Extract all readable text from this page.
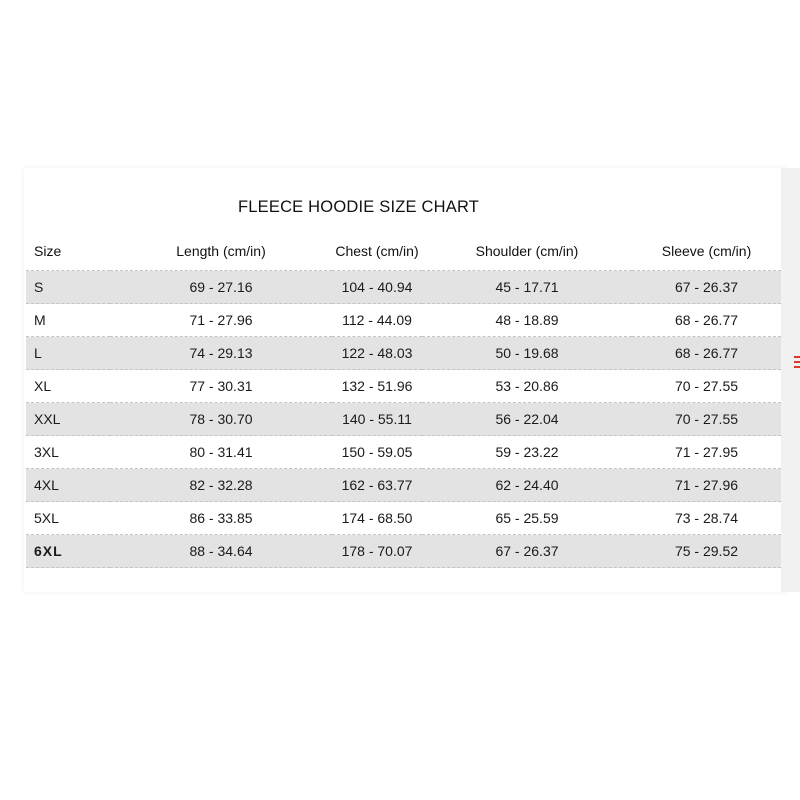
FLEECE HOODIE SIZE CHART
Size	Length (cm/in)	Chest (cm/in)	Shoulder (cm/in)	Sleeve (cm/in)
S	69 - 27.16	104 - 40.94	45 - 17.71	67 - 26.37
M	71 - 27.96	112 - 44.09	48 - 18.89	68 - 26.77
L	74 - 29.13	122 - 48.03	50 - 19.68	68 - 26.77
XL	77 - 30.31	132 - 51.96	53 - 20.86	70 - 27.55
XXL	78 - 30.70	140 - 55.11	56 - 22.04	70 - 27.55
3XL	80 - 31.41	150 - 59.05	59 - 23.22	71 - 27.95
4XL	82 - 32.28	162 - 63.77	62 - 24.40	71 - 27.96
5XL	86 - 33.85	174 - 68.50	65 - 25.59	73 - 28.74
6XL	88 - 34.64	178 - 70.07	67 - 26.37	75 - 29.52
